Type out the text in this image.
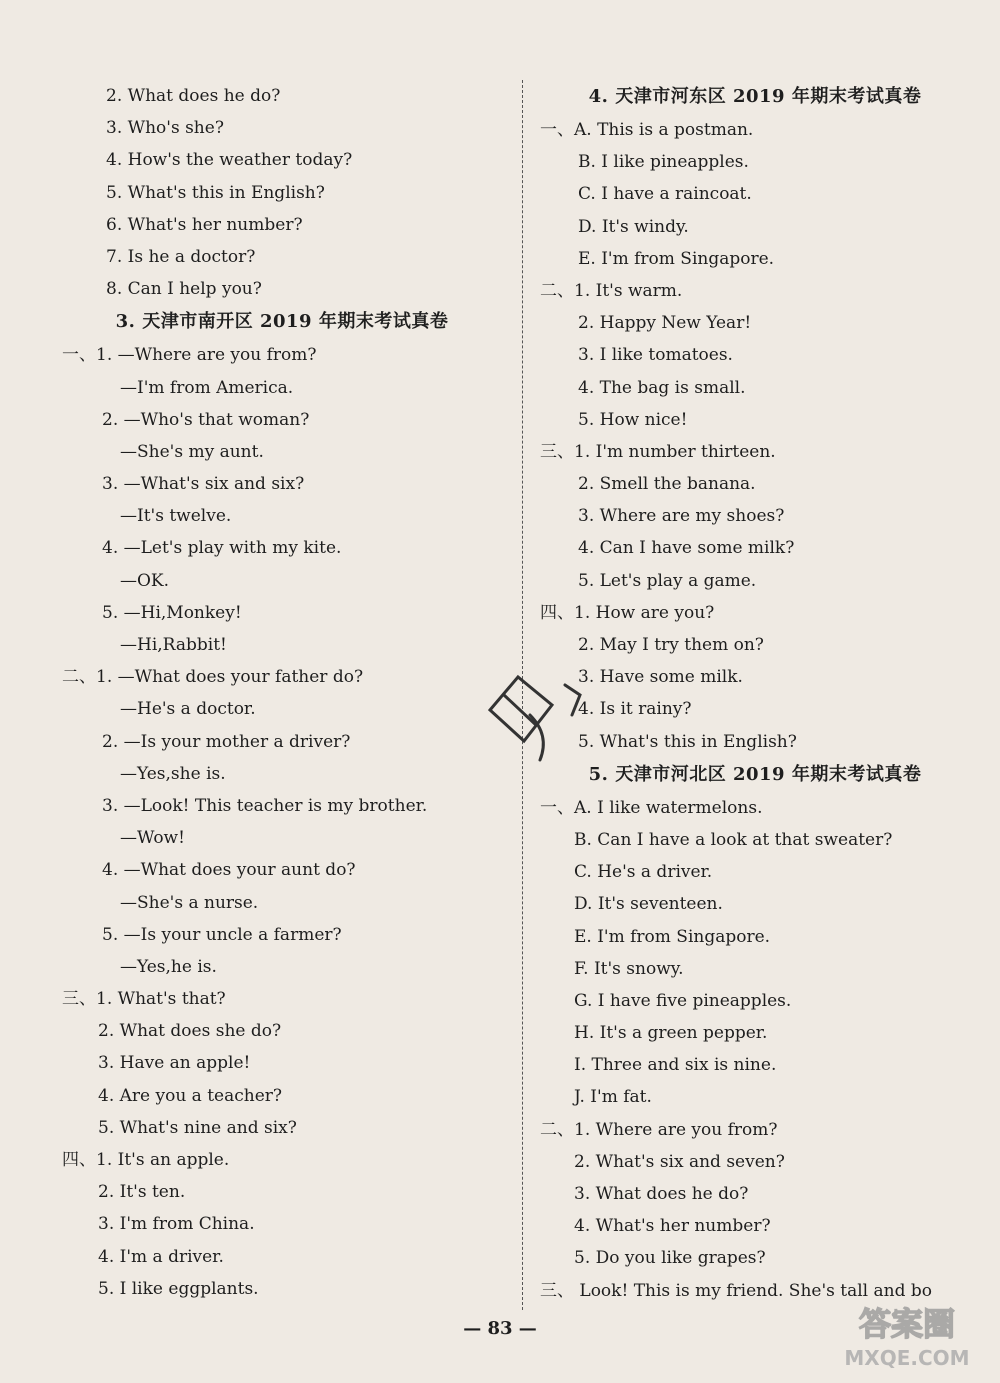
2. What does he do?
3. Who's she?
4. How's the weather today?
5. What's this in English?
6. What's her number?
7. Is he a doctor?
8. Can I help you?
3. 天津市南开区 2019 年期末考试真卷
一、1. —Where are you from?
—I'm from America.
2. —Who's that woman?
—She's my aunt.
3. —What's six and six?
—It's twelve.
4. —Let's play with my kite.
—OK.
5. —Hi,Monkey!
—Hi,Rabbit!
二、1. —What does your father do?
—He's a doctor.
2. —Is your mother a driver?
—Yes,she is.
3. —Look! This teacher is my brother.
—Wow!
4. —What does your aunt do?
—She's a nurse.
5. —Is your uncle a farmer?
—Yes,he is.
三、1. What's that?
2. What does she do?
3. Have an apple!
4. Are you a teacher?
5. What's nine and six?
四、1. It's an apple.
2. It's ten.
3. I'm from China.
4. I'm a driver.
5. I like eggplants.
4. 天津市河东区 2019 年期末考试真卷
一、A. This is a postman.
B. I like pineapples.
C. I have a raincoat.
D. It's windy.
E. I'm from Singapore.
二、1. It's warm.
2. Happy New Year!
3. I like tomatoes.
4. The bag is small.
5. How nice!
三、1. I'm number thirteen.
2. Smell the banana.
3. Where are my shoes?
4. Can I have some milk?
5. Let's play a game.
四、1. How are you?
2. May I try them on?
3. Have some milk.
4. Is it rainy?
5. What's this in English?
5. 天津市河北区 2019 年期末考试真卷
一、A. I like watermelons.
B. Can I have a look at that sweater?
C. He's a driver.
D. It's seventeen.
E. I'm from Singapore.
F. It's snowy.
G. I have five pineapples.
H. It's a green pepper.
I. Three and six is nine.
J. I'm fat.
二、1. Where are you from?
2. What's six and seven?
3. What does he do?
4. What's her number?
5. Do you like grapes?
三、 Look! This is my friend. She's tall and bo
— 83 —	答案圈
MXQE.COM
